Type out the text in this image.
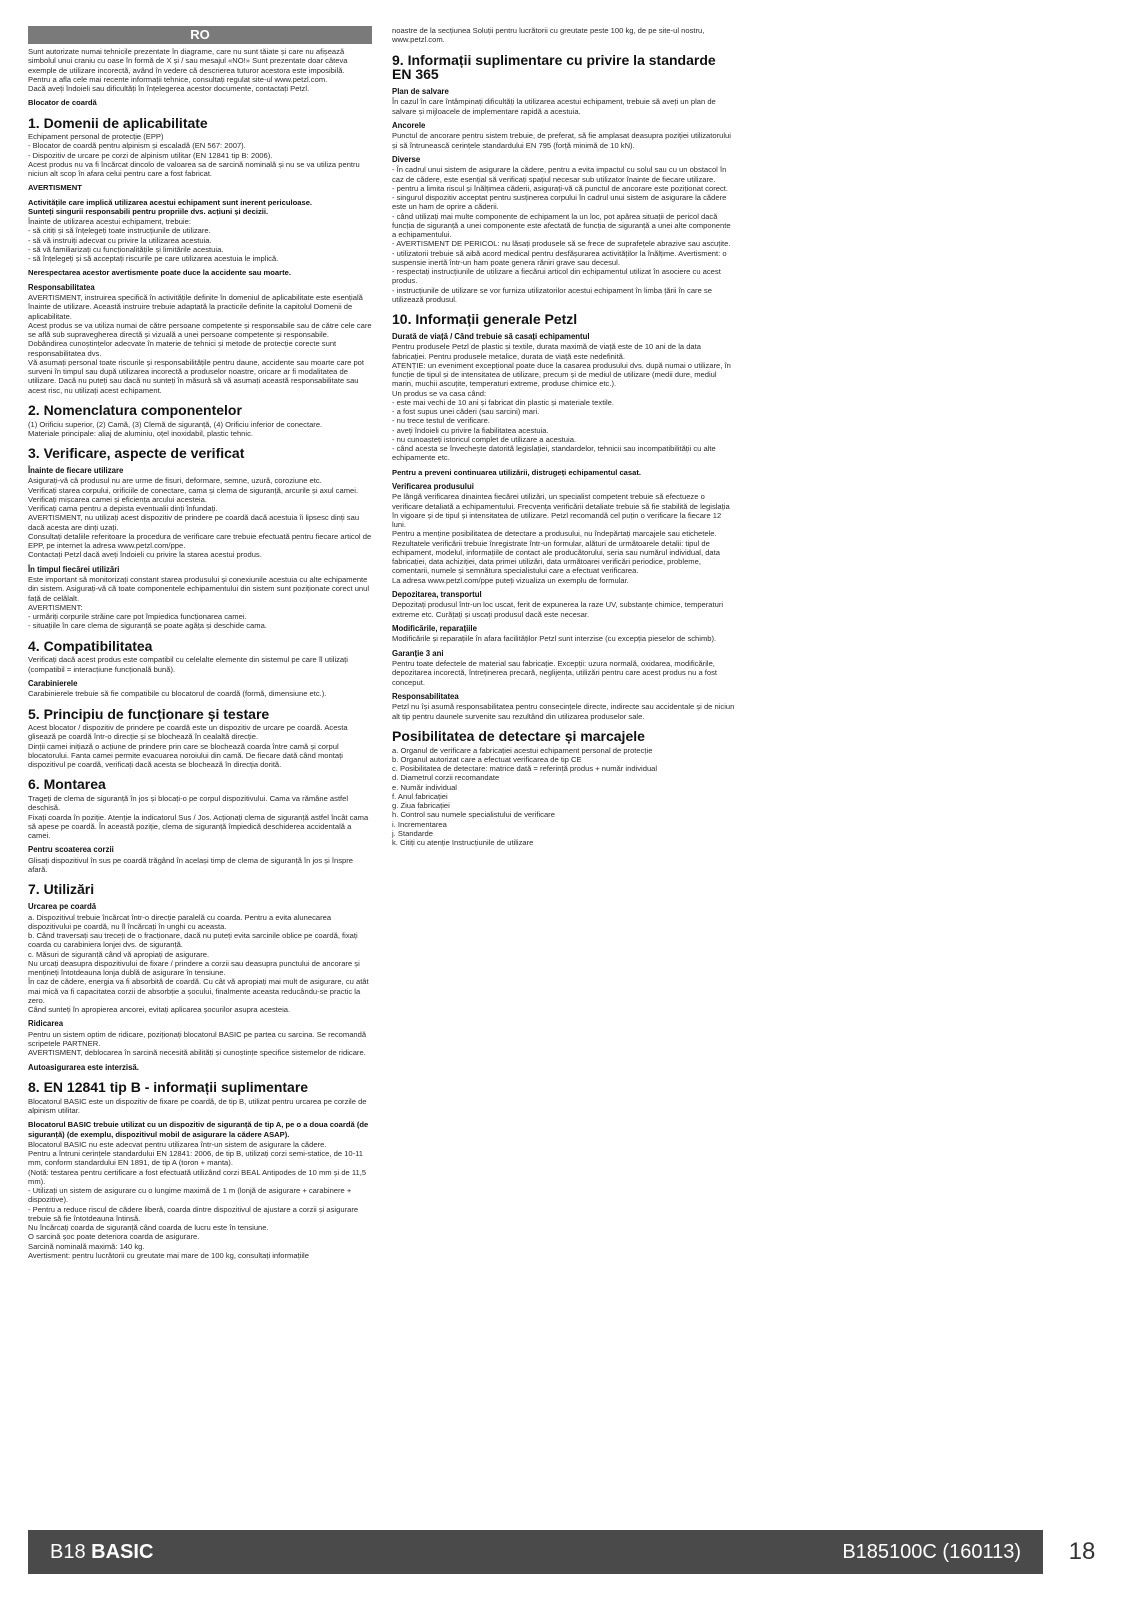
RO
Sunt autorizate numai tehnicile prezentate în diagrame, care nu sunt tăiate și care nu afișează simbolul unui craniu cu oase în formă de X și / sau mesajul «NO!» Sunt prezentate doar câteva exemple de utilizare incorectă, având în vedere că descrierea tuturor acestora este imposibilă.
Pentru a afla cele mai recente informații tehnice, consultați regulat site-ul www.petzl.com.
Dacă aveți îndoieli sau dificultăți în înțelegerea acestor documente, contactați Petzl.
Blocator de coardă
1. Domenii de aplicabilitate
Echipament personal de protecție (EPP)
- Blocator de coardă pentru alpinism și escaladă (EN 567: 2007).
- Dispozitiv de urcare pe corzi de alpinism utilitar (EN 12841 tip B: 2006).
Acest produs nu va fi încărcat dincolo de valoarea sa de sarcină nominală și nu se va utiliza pentru niciun alt scop în afara celui pentru care a fost fabricat.
AVERTISMENT
Activitățile care implică utilizarea acestui echipament sunt inerent periculoase.
Sunteți singurii responsabili pentru propriile dvs. acțiuni și decizii.
Înainte de utilizarea acestui echipament, trebuie:
- să citiți și să înțelegeți toate instrucțiunile de utilizare.
- să vă instruiți adecvat cu privire la utilizarea acestuia.
- să vă familiarizați cu funcționalitățile și limitările acestuia.
- să înțelegeți și să acceptați riscurile pe care utilizarea acestuia le implică.
Nerespectarea acestor avertismente poate duce la accidente sau moarte.
Responsabilitatea
AVERTISMENT, instruirea specifică în activitățile definite în domeniul de aplicabilitate este esențială înainte de utilizare. Această instruire trebuie adaptată la practicile definite la capitolul Domenii de aplicabilitate.
Acest produs se va utiliza numai de către persoane competente și responsabile sau de către cele care se află sub supravegherea directă și vizuală a unei persoane competente și responsabile.
Dobândirea cunoștințelor adecvate în materie de tehnici și metode de protecție corecte sunt responsabilitatea dvs.
Vă asumați personal toate riscurile și responsabilitățile pentru daune, accidente sau moarte care pot surveni în timpul sau după utilizarea incorectă a produselor noastre, oricare ar fi modalitatea de utilizare. Dacă nu puteți sau dacă nu sunteți în măsură să vă asumați această responsabilitate sau acest risc, nu utilizați acest echipament.
2. Nomenclatura componentelor
(1) Orificiu superior, (2) Camă, (3) Clemă de siguranță, (4) Orificiu inferior de conectare.
Materiale principale: aliaj de aluminiu, oțel inoxidabil, plastic tehnic.
3. Verificare, aspecte de verificat
Înainte de fiecare utilizare
Asigurați-vă că produsul nu are urme de fisuri, deformare, semne, uzură, coroziune etc.
Verificați starea corpului, orificiile de conectare, cama și clema de siguranță, arcurile și axul camei.
Verificați mișcarea camei și eficiența arcului acesteia.
Verificați cama pentru a depista eventualii dinți înfundați.
AVERTISMENT, nu utilizați acest dispozitiv de prindere pe coardă dacă acestuia îi lipsesc dinți sau dacă acesta are dinți uzați.
Consultați detaliile referitoare la procedura de verificare care trebuie efectuată pentru fiecare articol de EPP, pe internet la adresa www.petzl.com/ppe.
Contactați Petzl dacă aveți îndoieli cu privire la starea acestui produs.
În timpul fiecărei utilizări
Este important să monitorizați constant starea produsului și conexiunile acestuia cu alte echipamente din sistem. Asigurați-vă că toate componentele echipamentului din sistem sunt poziționate corect unul față de celălalt.
AVERTISMENT:
- urmăriți corpurile străine care pot împiedica funcționarea camei.
- situațiile în care clema de siguranță se poate agăța și deschide cama.
4. Compatibilitatea
Verificați dacă acest produs este compatibil cu celelalte elemente din sistemul pe care îl utilizați (compatibil = interacțiune funcțională bună).
Carabinierele
Carabinierele trebuie să fie compatibile cu blocatorul de coardă (formă, dimensiune etc.).
5. Principiu de funcționare și testare
Acest blocator / dispozitiv de prindere pe coardă este un dispozitiv de urcare pe coardă. Acesta glisează pe coardă într-o direcție și se blochează în cealaltă direcție.
Dinții camei inițiază o acțiune de prindere prin care se blochează coarda între camă și corpul blocatorului. Fanta camei permite evacuarea noroiului din camă. De fiecare dată când montați dispozitivul pe coardă, verificați dacă acesta se blochează în direcția dorită.
6. Montarea
Trageți de clema de siguranță în jos și blocați-o pe corpul dispozitivului. Cama va rămâne astfel deschisă.
Fixați coarda în poziție. Atenție la indicatorul Sus / Jos. Acționați clema de siguranță astfel încât cama să apese pe coardă. În această poziție, clema de siguranță împiedică deschiderea accidentală a camei.
Pentru scoaterea corzii
Glisați dispozitivul în sus pe coardă trăgând în același timp de clema de siguranță în jos și înspre afară.
7. Utilizări
Urcarea pe coardă
a. Dispozitivul trebuie încărcat într-o direcție paralelă cu coarda. Pentru a evita alunecarea dispozitivului pe coardă, nu îl încărcați în unghi cu aceasta.
b. Când traversați sau treceți de o fracționare, dacă nu puteți evita sarcinile oblice pe coardă, fixați coarda cu carabiniera lonjei dvs. de siguranță.
c. Măsuri de siguranță când vă apropiați de asigurare.
Nu urcați deasupra dispozitivului de fixare / prindere a corzii sau deasupra punctului de ancorare și mențineți întotdeauna lonja dublă de asigurare în tensiune.
În caz de cădere, energia va fi absorbită de coardă. Cu cât vă apropiați mai mult de asigurare, cu atât mai mică va fi capacitatea corzii de absorbție a șocului, finalmente aceasta reducându-se practic la zero.
Când sunteți în apropierea ancorei, evitați aplicarea șocurilor asupra acesteia.
Ridicarea
Pentru un sistem optim de ridicare, poziționați blocatorul BASIC pe partea cu sarcina. Se recomandă scripetele PARTNER.
AVERTISMENT, deblocarea în sarcină necesită abilități și cunoștințe specifice sistemelor de ridicare.
Autoasigurarea este interzisă.
8. EN 12841 tip B - informații suplimentare
Blocatorul BASIC este un dispozitiv de fixare pe coardă, de tip B, utilizat pentru urcarea pe corzile de alpinism utilitar.
Blocatorul BASIC trebuie utilizat cu un dispozitiv de siguranță de tip A, pe o a doua coardă (de siguranță) (de exemplu, dispozitivul mobil de asigurare la cădere ASAP).
Blocatorul BASIC nu este adecvat pentru utilizarea într-un sistem de asigurare la cădere.
Pentru a întruni cerințele standardului EN 12841: 2006, de tip B, utilizați corzi semi-statice, de 10-11 mm, conform standardului EN 1891, de tip A (toron + manta).
(Notă: testarea pentru certificare a fost efectuată utilizând corzi BEAL Antipodes de 10 mm și de 11,5 mm).
- Utilizați un sistem de asigurare cu o lungime maximă de 1 m (lonjă de asigurare + carabinere + dispozitive).
- Pentru a reduce riscul de cădere liberă, coarda dintre dispozitivul de ajustare a corzii și asigurare trebuie să fie întotdeauna întinsă.
Nu încărcați coarda de siguranță când coarda de lucru este în tensiune.
O sarcină șoc poate deteriora coarda de asigurare.
Sarcină nominală maximă: 140 kg.
Avertisment: pentru lucrătorii cu greutate mai mare de 100 kg, consultați informațiile
noastre de la secțiunea Soluții pentru lucrătorii cu greutate peste 100 kg, de pe site-ul nostru, www.petzl.com.
9. Informații suplimentare cu privire la standarde EN 365
Plan de salvare
În cazul în care întâmpinați dificultăți la utilizarea acestui echipament, trebuie să aveți un plan de salvare și mijloacele de implementare rapidă a acestuia.
Ancorele
Punctul de ancorare pentru sistem trebuie, de preferat, să fie amplasat deasupra poziției utilizatorului și să întrunească cerințele standardului EN 795 (forță minimă de 10 kN).
Diverse
- În cadrul unui sistem de asigurare la cădere, pentru a evita impactul cu solul sau cu un obstacol în caz de cădere, este esențial să verificați spațiul necesar sub utilizator înainte de fiecare utilizare.
- pentru a limita riscul și înălțimea căderii, asigurați-vă că punctul de ancorare este poziționat corect.
- singurul dispozitiv acceptat pentru susținerea corpului în cadrul unui sistem de asigurare la cădere este un ham de oprire a căderii.
- când utilizați mai multe componente de echipament la un loc, pot apărea situații de pericol dacă funcția de siguranță a unei componente este afectată de funcția de siguranță a unei alte componente a echipamentului.
- AVERTISMENT DE PERICOL: nu lăsați produsele să se frece de suprafețele abrazive sau ascuțite.
- utilizatorii trebuie să aibă acord medical pentru desfășurarea activităților la înălțime. Avertisment: o suspensie inertă într-un ham poate genera răniri grave sau decesul.
- respectați instrucțiunile de utilizare a fiecărui articol din echipamentul utilizat în asociere cu acest produs.
- instrucțiunile de utilizare se vor furniza utilizatorilor acestui echipament în limba țării în care se utilizează produsul.
10. Informații generale Petzl
Durată de viață / Când trebuie să casați echipamentul
Pentru produsele Petzl de plastic și textile, durata maximă de viață este de 10 ani de la data fabricației. Pentru produsele metalice, durata de viață este nedefinită.
ATENȚIE: un eveniment excepțional poate duce la casarea produsului dvs. după numai o utilizare, în funcție de tipul și de intensitatea de utilizare, precum și de mediul de utilizare (medii dure, mediul marin, muchii ascuțite, temperaturi extreme, produse chimice etc.).
Un produs se va casa când:
- este mai vechi de 10 ani și fabricat din plastic și materiale textile.
- a fost supus unei căderi (sau sarcini) mari.
- nu trece testul de verificare.
- aveți îndoieli cu privire la fiabilitatea acestuia.
- nu cunoașteți istoricul complet de utilizare a acestuia.
- când acesta se învechește datorită legislației, standardelor, tehnicii sau incompatibilității cu alte echipamente etc.
Pentru a preveni continuarea utilizării, distrugeți echipamentul casat.
Verificarea produsului
Pe lângă verificarea dinaintea fiecărei utilizări, un specialist competent trebuie să efectueze o verificare detaliată a echipamentului. Frecvența verificării detaliate trebuie să fie stabilită de legislația în vigoare și de tipul și intensitatea de utilizare. Petzl recomandă cel puțin o verificare la fiecare 12 luni.
Pentru a menține posibilitatea de detectare a produsului, nu îndepărtați marcajele sau etichetele.
Rezultatele verificării trebuie înregistrate într-un formular, alături de următoarele detalii: tipul de echipament, modelul, informațiile de contact ale producătorului, seria sau numărul individual, data fabricației, data achiziției, data primei utilizări, data următoarei verificări periodice, probleme, comentarii, numele și semnătura specialistului care a efectuat verificarea.
La adresa www.petzl.com/ppe puteți vizualiza un exemplu de formular.
Depozitarea, transportul
Depozitați produsul într-un loc uscat, ferit de expunerea la raze UV, substanțe chimice, temperaturi extreme etc. Curățați și uscați produsul dacă este necesar.
Modificările, reparațiile
Modificările și reparațiile în afara facilităților Petzl sunt interzise (cu excepția pieselor de schimb).
Garanție 3 ani
Pentru toate defectele de material sau fabricație. Excepții: uzura normală, oxidarea, modificările, depozitarea incorectă, întreținerea precară, neglijența, utilizări pentru care acest produs nu a fost conceput.
Responsabilitatea
Petzl nu își asumă responsabilitatea pentru consecințele directe, indirecte sau accidentale și de niciun alt tip pentru daunele survenite sau rezultând din utilizarea produselor sale.
Posibilitatea de detectare și marcajele
a. Organul de verificare a fabricației acestui echipament personal de protecție
b. Organul autorizat care a efectuat verificarea de tip CE
c. Posibilitatea de detectare: matrice dată = referință produs + număr individual
d. Diametrul corzii recomandate
e. Număr individual
f. Anul fabricației
g. Ziua fabricației
h. Control sau numele specialistului de verificare
i. Incrementarea
j. Standarde
k. Citiți cu atenție Instrucțiunile de utilizare
B18 BASIC	B185100C (160113)	18
